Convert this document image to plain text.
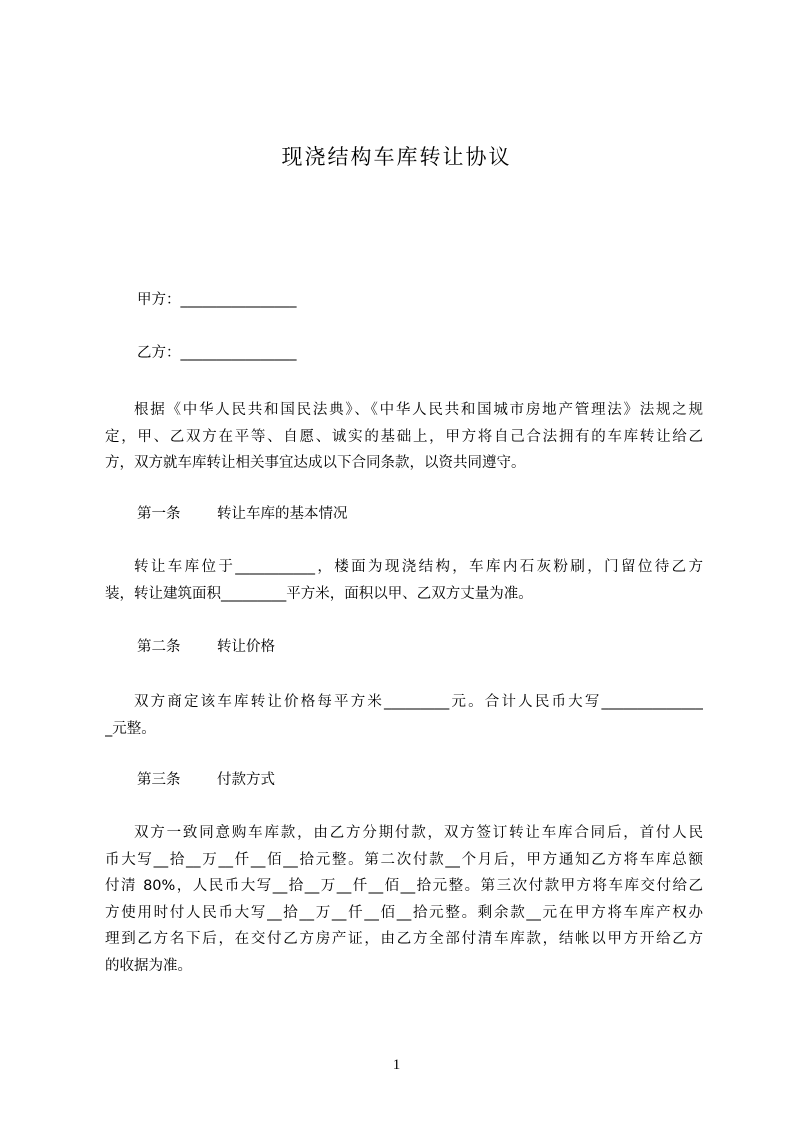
现浇结构车库转让协议
甲方：________________
乙方：________________
根据《中华人民共和国民法典》、《中华人民共和国城市房地产管理法》法规之规
定，甲、乙双方在平等、自愿、诚实的基础上，甲方将自己合法拥有的车库转让给乙
方，双方就车库转让相关事宜达成以下合同条款，以资共同遵守。
第一条	转让车库的基本情况
转让车库位于___________，楼面为现浇结构，车库内石灰粉刷，门留位待乙方
装，转让建筑面积_________平方米，面积以甲、乙双方丈量为准。
第二条	转让价格
双方商定该车库转让价格每平方米_________元。合计人民币大写______________
_元整。
第三条	付款方式
双方一致同意购车库款，由乙方分期付款，双方签订转让车库合同后，首付人民
币大写__拾__万__仟__佰__拾元整。第二次付款__个月后，甲方通知乙方将车库总额
付清 80%，人民币大写__拾__万__仟__佰__拾元整。第三次付款甲方将车库交付给乙
方使用时付人民币大写__拾__万__仟__佰__拾元整。剩余款__元在甲方将车库产权办
理到乙方名下后，在交付乙方房产证，由乙方全部付清车库款，结帐以甲方开给乙方
的收据为准。
1
